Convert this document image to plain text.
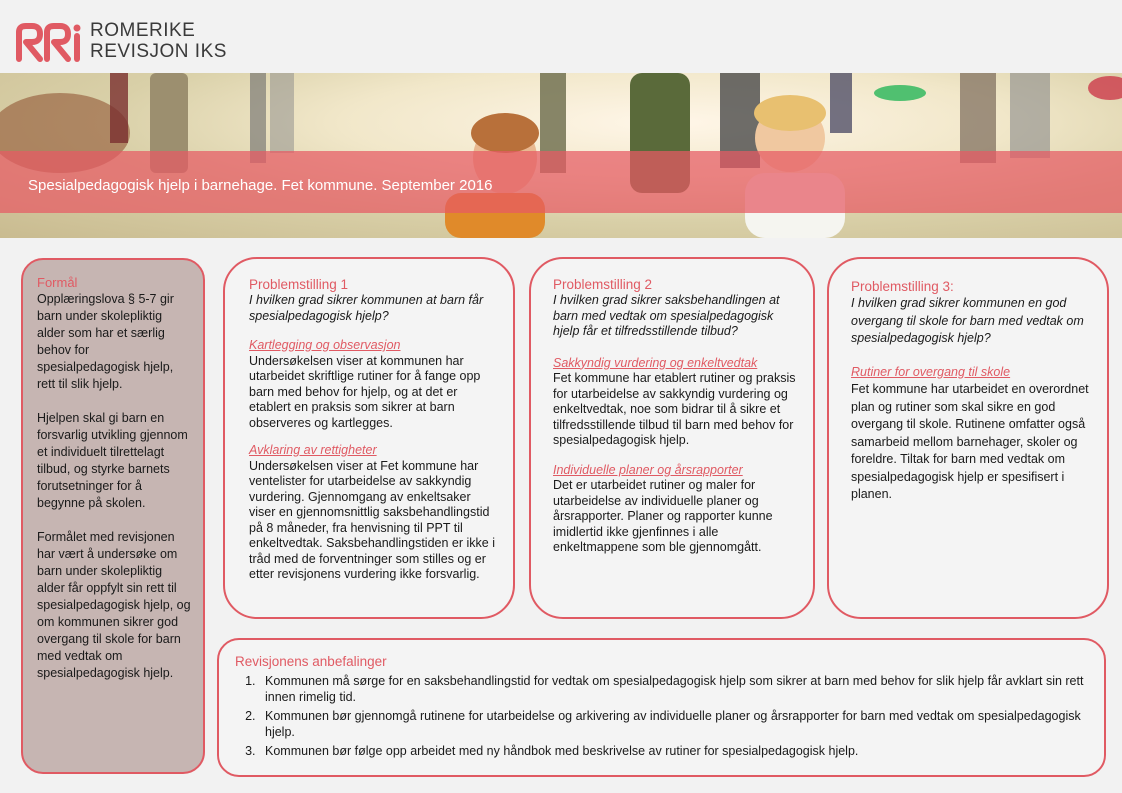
ROMERIKE
REVISJON IKS
Spesialpedagogisk hjelp i barnehage. Fet kommune. September 2016
Formål

Opplæringslova § 5-7 gir barn under skolepliktig alder som har et særlig behov for spesialpedagogisk hjelp, rett til slik hjelp.

Hjelpen skal gi barn en forsvarlig utvikling gjennom et individuelt tilrettelagt tilbud, og styrke barnets forutsetninger for å begynne på skolen.

Formålet med revisjonen har vært å undersøke om barn under skolepliktig alder får oppfylt sin rett til spesialpedagogisk hjelp, og om kommunen sikrer god overgang til skole for barn med vedtak om spesialpedagogisk hjelp.

Problemstilling 1

I hvilken grad sikrer kommunen at barn får spesialpedagogisk hjelp?

Kartlegging og observasjon

Undersøkelsen viser at kommunen har utarbeidet skriftlige rutiner for å fange opp barn med behov for hjelp, og at det er etablert en praksis som sikrer at barn observeres og kartlegges.

Avklaring av rettigheter

Undersøkelsen viser at Fet kommune har ventelister for utarbeidelse av sakkyndig vurdering. Gjennomgang av enkeltsaker viser en gjennomsnittlig saksbehandlingstid på 8 måneder, fra henvisning til PPT til enkeltvedtak. Saksbehandlingstiden er ikke i tråd med de forventninger som stilles og er etter revisjonens vurdering ikke forsvarlig.

Problemstilling 2

I hvilken grad sikrer saksbehandlingen at barn med vedtak om spesialpedagogisk hjelp får et tilfredsstillende tilbud?

Sakkyndig vurdering og enkeltvedtak

Fet kommune har etablert rutiner og praksis for utarbeidelse av sakkyndig vurdering og enkeltvedtak, noe som bidrar til å sikre et tilfredsstillende tilbud til barn med behov for spesialpedagogisk hjelp.

Individuelle planer og årsrapporter

Det er utarbeidet rutiner og maler for utarbeidelse av individuelle planer og årsrapporter. Planer og rapporter kunne imidlertid ikke gjenfinnes i alle enkeltmappene som ble gjennomgått.

Problemstilling 3:

I hvilken grad sikrer kommunen en god overgang til skole for barn med vedtak om spesialpedagogisk hjelp?

Rutiner for overgang til skole

Fet kommune har utarbeidet en overordnet plan og rutiner som skal sikre en god overgang til skole. Rutinene omfatter også samarbeid mellom barnehager, skoler og foreldre. Tiltak for barn med vedtak om spesialpedagogisk hjelp er spesifisert i planen.

Revisjonens anbefalinger
1. Kommunen må sørge for en saksbehandlingstid for vedtak om spesialpedagogisk hjelp som sikrer at barn med behov for slik hjelp får avklart sin rett innen rimelig tid.
2. Kommunen bør gjennomgå rutinene for utarbeidelse og arkivering av individuelle planer og årsrapporter for barn med vedtak om spesialpedagogisk hjelp.
3. Kommunen bør følge opp arbeidet med ny håndbok med beskrivelse av rutiner for spesialpedagogisk hjelp.
